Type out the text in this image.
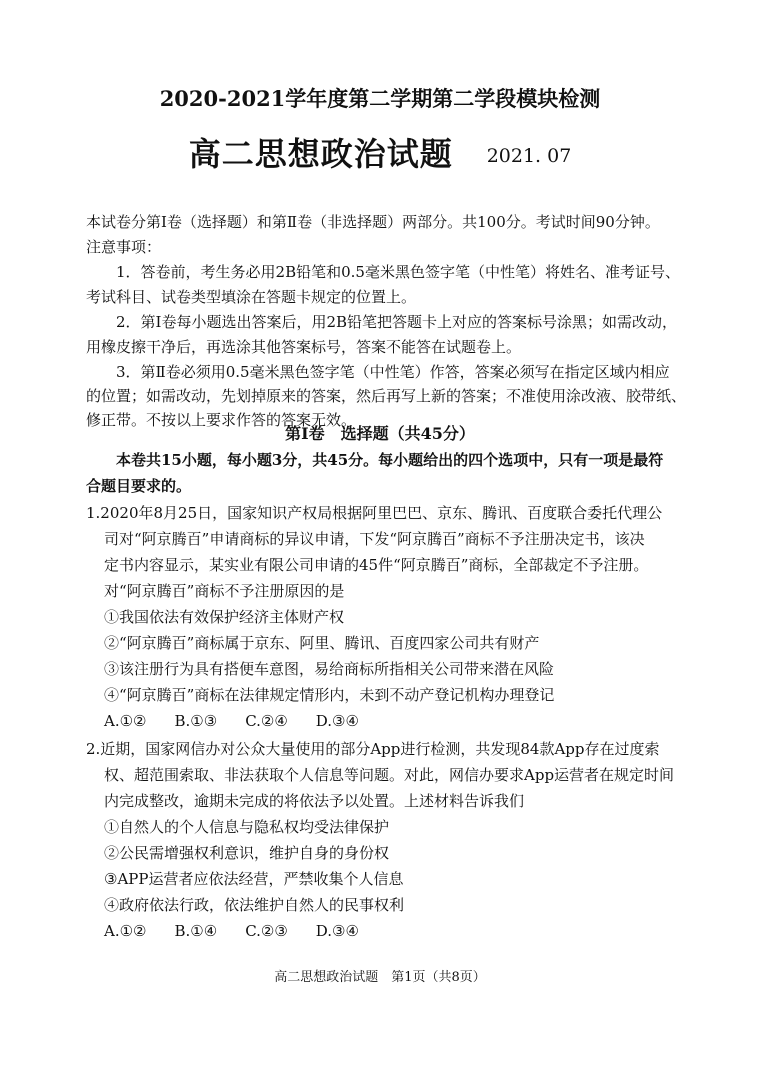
2020-2021学年度第二学期第二学段模块检测
高二思想政治试题 2021. 07
本试卷分第Ⅰ卷（选择题）和第Ⅱ卷（非选择题）两部分。共100分。考试时间90分钟。
注意事项：
1．答卷前，考生务必用2B铅笔和0.5毫米黑色签字笔（中性笔）将姓名、准考证号、
考试科目、试卷类型填涂在答题卡规定的位置上。
2．第Ⅰ卷每小题选出答案后，用2B铅笔把答题卡上对应的答案标号涂黑；如需改动，
用橡皮擦干净后，再选涂其他答案标号，答案不能答在试题卷上。
3．第Ⅱ卷必须用0.5毫米黑色签字笔（中性笔）作答，答案必须写在指定区域内相应
的位置；如需改动，先划掉原来的答案，然后再写上新的答案；不准使用涂改液、胶带纸、
修正带。不按以上要求作答的答案无效。
第Ⅰ卷　选择题（共45分）
本卷共15小题，每小题3分，共45分。每小题给出的四个选项中，只有一项是最符
合题目要求的。
1.2020年8月25日，国家知识产权局根据阿里巴巴、京东、腾讯、百度联合委托代理公
司对“阿京腾百”申请商标的异议申请，下发“阿京腾百”商标不予注册决定书，该决
定书内容显示，某实业有限公司申请的45件“阿京腾百”商标，全部裁定不予注册。
对“阿京腾百”商标不予注册原因的是
①我国依法有效保护经济主体财产权
②“阿京腾百”商标属于京东、阿里、腾讯、百度四家公司共有财产
③该注册行为具有搭便车意图，易给商标所指相关公司带来潜在风险
④“阿京腾百”商标在法律规定情形内，未到不动产登记机构办理登记
A.①② B.①③ C.②④ D.③④
2.近期，国家网信办对公众大量使用的部分App进行检测，共发现84款App存在过度索
权、超范围索取、非法获取个人信息等问题。对此，网信办要求App运营者在规定时间
内完成整改，逾期未完成的将依法予以处置。上述材料告诉我们
①自然人的个人信息与隐私权均受法律保护
②公民需增强权利意识，维护自身的身份权
③APP运营者应依法经营，严禁收集个人信息
④政府依法行政，依法维护自然人的民事权利
A.①② B.①④ C.②③ D.③④
高二思想政治试题　第1页（共8页）
